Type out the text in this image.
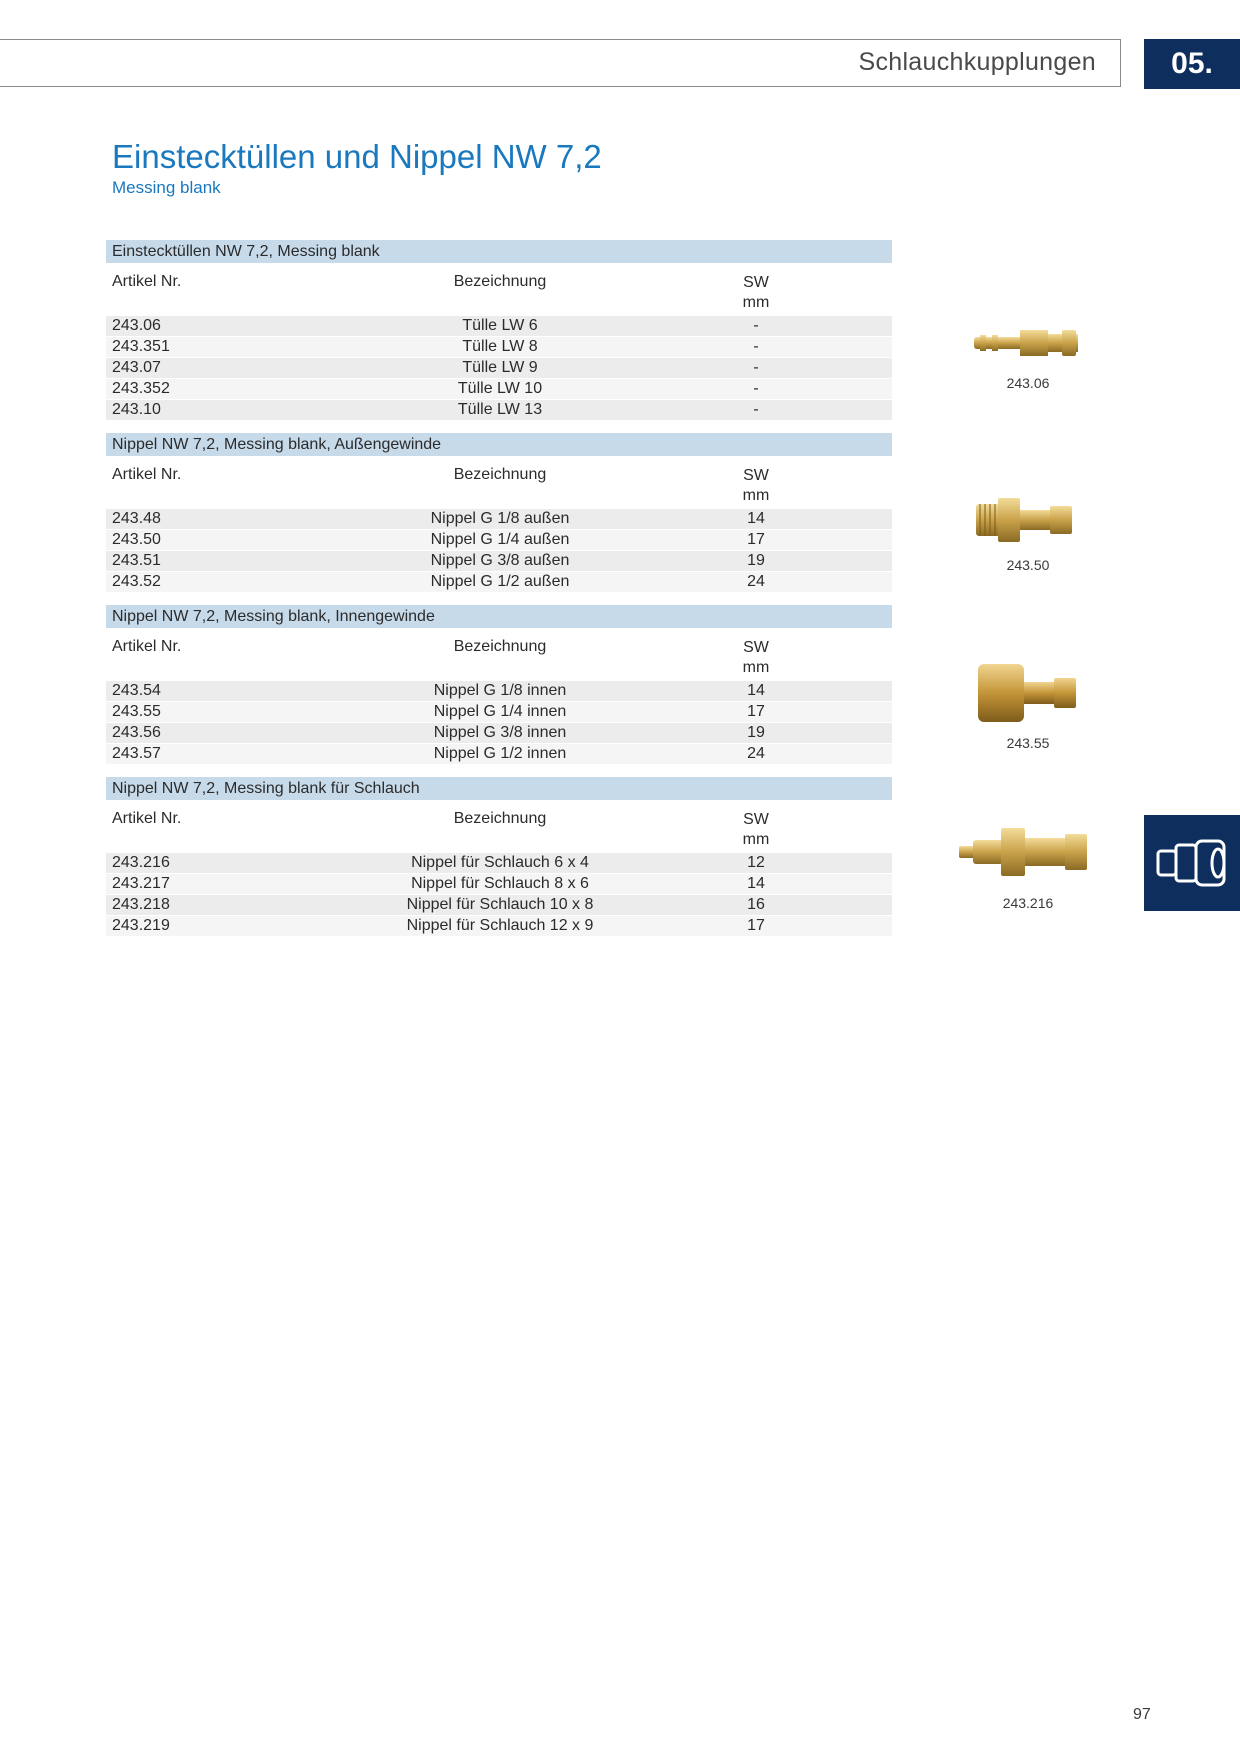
Schlauchkupplungen	05.
Einstecktüllen und Nippel NW 7,2
Messing blank
Einstecktüllen NW 7,2, Messing blank
Artikel Nr.	Bezeichnung	SW
mm
243.06	Tülle LW 6	-
243.351	Tülle LW 8	-
243.07	Tülle LW 9	-
243.352	Tülle LW 10	-
243.10	Tülle LW 13	-
Nippel NW 7,2, Messing blank, Außengewinde
Artikel Nr.	Bezeichnung	SW
mm
243.48	Nippel G 1/8 außen	14
243.50	Nippel G 1/4 außen	17
243.51	Nippel G 3/8 außen	19
243.52	Nippel G 1/2 außen	24
Nippel NW 7,2, Messing blank, Innengewinde
Artikel Nr.	Bezeichnung	SW
mm
243.54	Nippel G 1/8 innen	14
243.55	Nippel G 1/4 innen	17
243.56	Nippel G 3/8 innen	19
243.57	Nippel G 1/2 innen	24
Nippel NW 7,2, Messing blank für Schlauch
Artikel Nr.	Bezeichnung	SW
mm
243.216	Nippel für Schlauch 6 x 4	12
243.217	Nippel für Schlauch 8 x 6	14
243.218	Nippel für Schlauch 10 x 8	16
243.219	Nippel für Schlauch 12 x 9	17
243.06
243.50
243.55
243.216
97
